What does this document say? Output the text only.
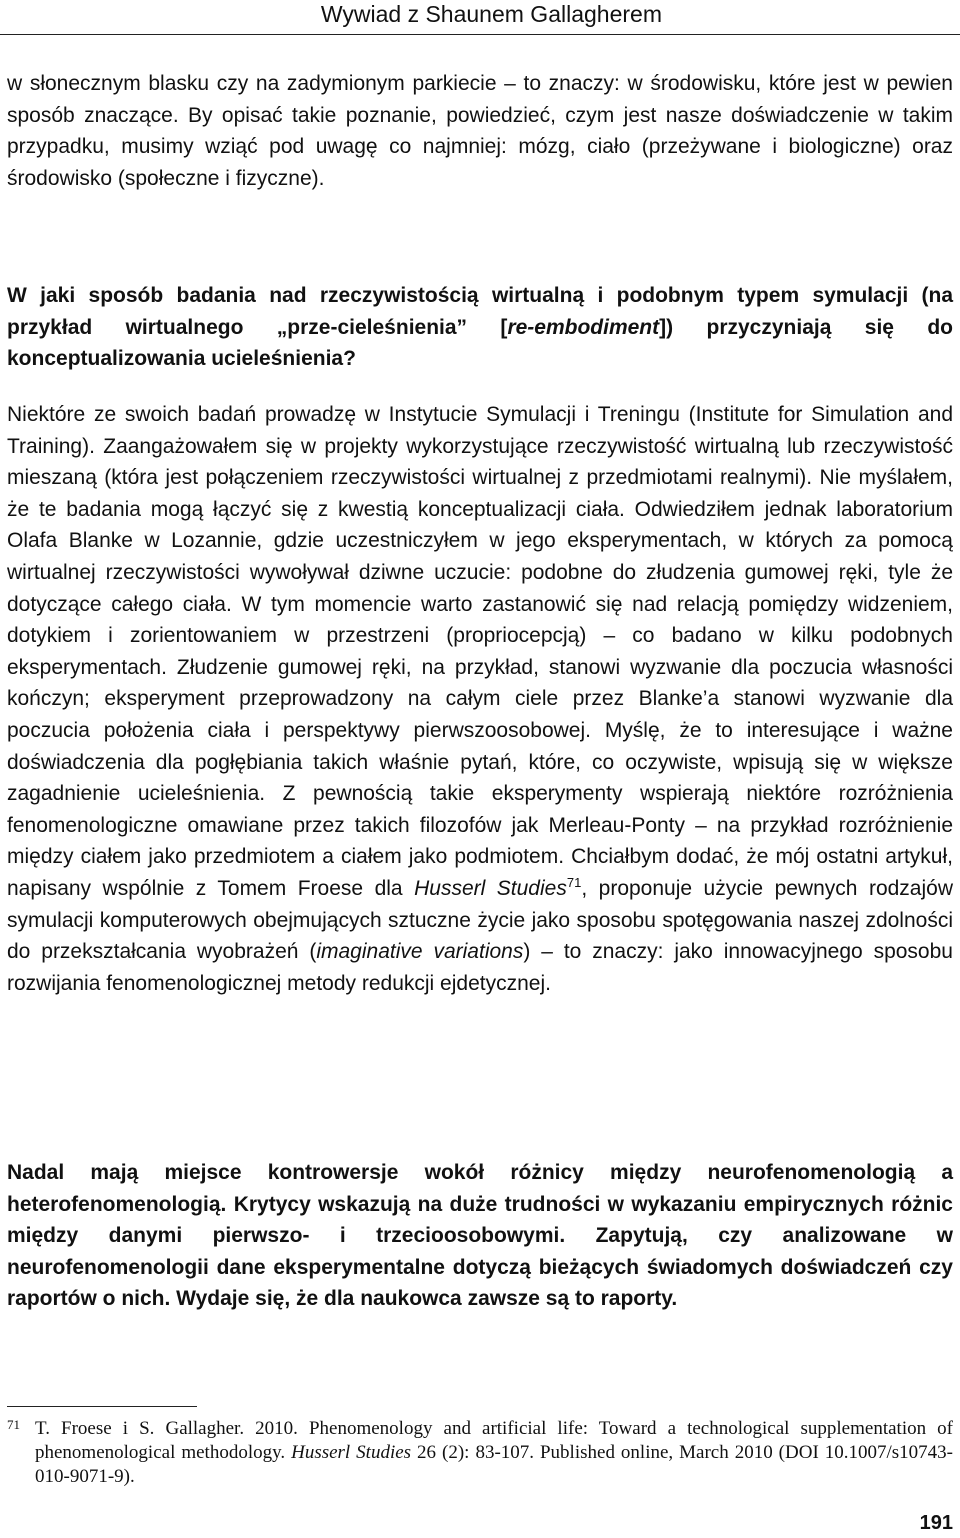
Wywiad z Shaunem Gallagherem
w słonecznym blasku czy na zadymionym parkiecie – to znaczy: w środowisku, które jest w pewien sposób znaczące. By opisać takie poznanie, powiedzieć, czym jest nasze doświadczenie w takim przypadku, musimy wziąć pod uwagę co najmniej: mózg, ciało (przeżywane i biologiczne) oraz środowisko (społeczne i fizyczne).
W jaki sposób badania nad rzeczywistością wirtualną i podobnym typem symulacji (na przykład wirtualnego „prze-cieleśnienia” [re-embodiment]) przyczyniają się do konceptualizowania ucieleśnienia?
Niektóre ze swoich badań prowadzę w Instytucie Symulacji i Treningu (Institute for Simulation and Training). Zaangażowałem się w projekty wykorzystujące rzeczywistość wirtualną lub rzeczywistość mieszaną (która jest połączeniem rzeczywistości wirtualnej z przedmiotami realnymi). Nie myślałem, że te badania mogą łączyć się z kwestią konceptualizacji ciała. Odwiedziłem jednak laboratorium Olafa Blanke w Lozannie, gdzie uczestniczyłem w jego eksperymentach, w których za pomocą wirtualnej rzeczywistości wywoływał dziwne uczucie: podobne do złudzenia gumowej ręki, tyle że dotyczące całego ciała. W tym momencie warto zastanowić się nad relacją pomiędzy widzeniem, dotykiem i zorientowaniem w przestrzeni (propriocepcją) – co badano w kilku podobnych eksperymentach. Złudzenie gumowej ręki, na przykład, stanowi wyzwanie dla poczucia własności kończyn; eksperyment przeprowadzony na całym ciele przez Blanke’a stanowi wyzwanie dla poczucia położenia ciała i perspektywy pierwszoosobowej. Myślę, że to interesujące i ważne doświadczenia dla pogłębiania takich właśnie pytań, które, co oczywiste, wpisują się w większe zagadnienie ucieleśnienia. Z pewnością takie eksperymenty wspierają niektóre rozróżnienia fenomenologiczne omawiane przez takich filozofów jak Merleau-Ponty – na przykład rozróżnienie między ciałem jako przedmiotem a ciałem jako podmiotem. Chciałbym dodać, że mój ostatni artykuł, napisany wspólnie z Tomem Froese dla Husserl Studies$^{71}$, proponuje użycie pewnych rodzajów symulacji komputerowych obejmujących sztuczne życie jako sposobu spotęgowania naszej zdolności do przekształcania wyobrażeń (imaginative variations) – to znaczy: jako innowacyjnego sposobu rozwijania fenomenologicznej metody redukcji ejdetycznej.
Nadal mają miejsce kontrowersje wokół różnicy między neurofenomenologią a heterofenomenologią. Krytycy wskazują na duże trudności w wykazaniu empirycznych różnic między danymi pierwszo- i trzecioosobowymi. Zapytują, czy analizowane w neurofenomenologii dane eksperymentalne dotyczą bieżących świadomych doświadczeń czy raportów o nich. Wydaje się, że dla naukowca zawsze są to raporty.
71 T. Froese i S. Gallagher. 2010. Phenomenology and artificial life: Toward a technological supplementation of phenomenological methodology. Husserl Studies 26 (2): 83-107. Published online, March 2010 (DOI 10.1007/s10743-010-9071-9).
191
